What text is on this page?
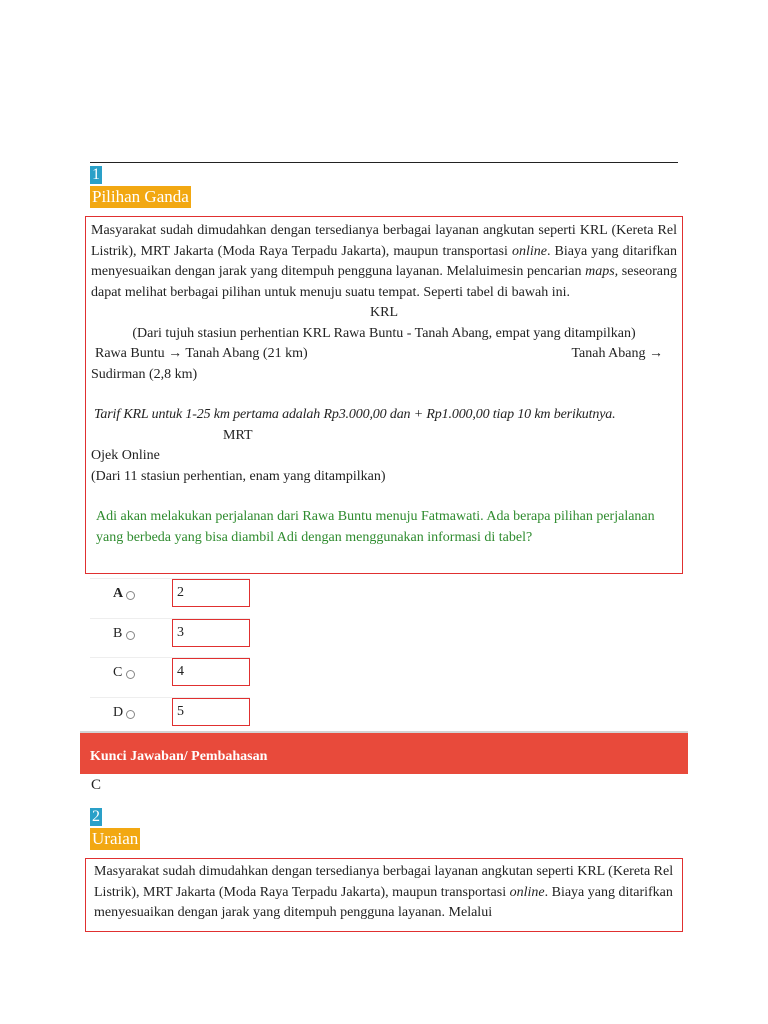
1
Pilihan Ganda

Masyarakat sudah dimudahkan dengan tersedianya berbagai layanan angkutan seperti KRL (Kereta Rel Listrik), MRT Jakarta (Moda Raya Terpadu Jakarta), maupun transportasi online. Biaya yang ditarifkan menyesuaikan dengan jarak yang ditempuh pengguna layanan. Melaluimesin pencarian maps, seseorang dapat melihat berbagai pilihan untuk menuju suatu tempat. Seperti tabel di bawah ini.

KRL

(Dari tujuh stasiun perhentian KRL Rawa Buntu - Tanah Abang, empat yang ditampilkan)

Rawa Buntu → Tanah Abang (21 km)	Tanah Abang →

Sudirman (2,8 km)

Tarif KRL untuk 1-25 km pertama adalah Rp3.000,00 dan + Rp1.000,00 tiap 10 km berikutnya.

MRT

Ojek Online

(Dari 11 stasiun perhentian, enam yang ditampilkan)

Adi akan melakukan perjalanan dari Rawa Buntu menuju Fatmawati. Ada berapa pilihan perjalanan yang berbeda yang bisa diambil Adi dengan menggunakan informasi di tabel?

A	2
B	3
C	4
D	5
Kunci Jawaban/ Pembahasan
C
2
Uraian

Masyarakat sudah dimudahkan dengan tersedianya berbagai layanan angkutan seperti KRL (Kereta Rel Listrik), MRT Jakarta (Moda Raya Terpadu Jakarta), maupun transportasi online. Biaya yang ditarifkan menyesuaikan dengan jarak yang ditempuh pengguna layanan. Melalui
